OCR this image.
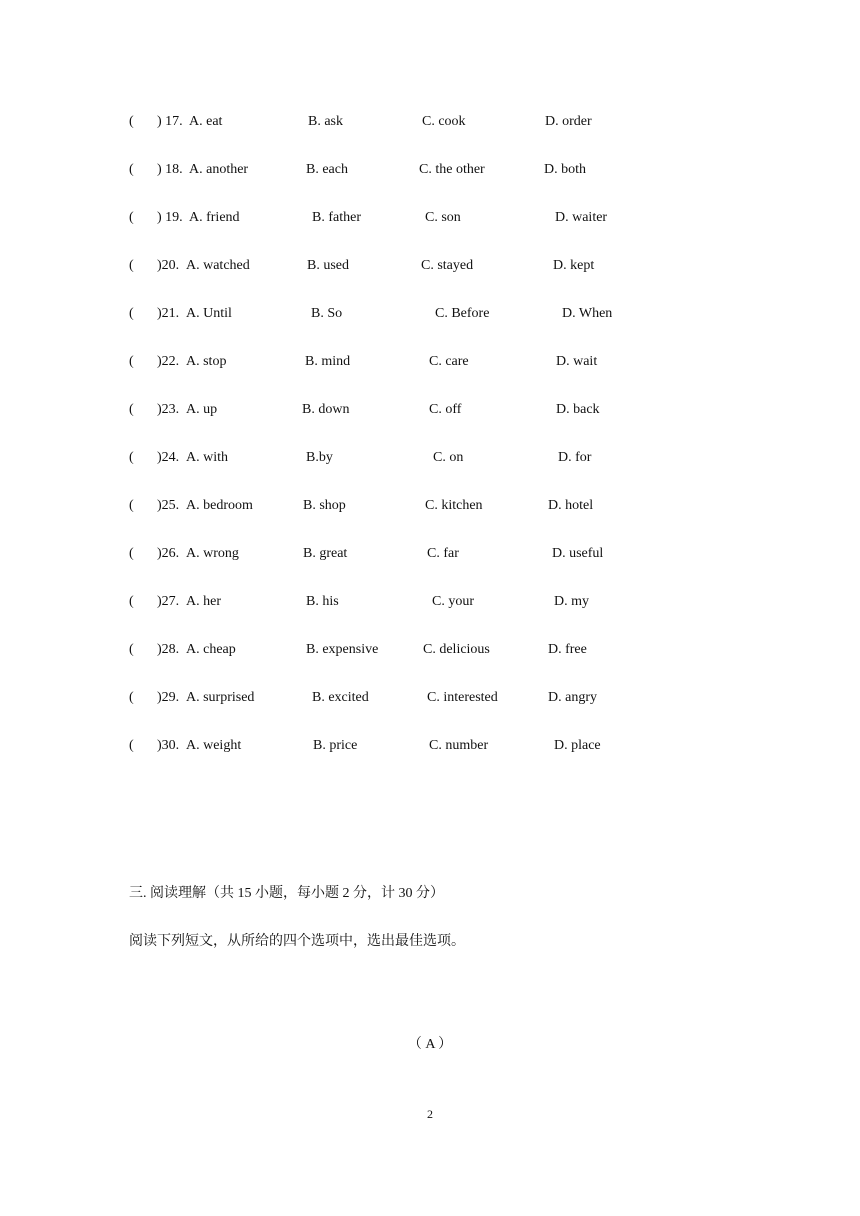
( ) 17. A. eat	B. ask	C. cook	D. order
( ) 18. A. another	B. each	C. the other	D. both
( ) 19. A. friend	B. father	C. son	D. waiter
( )20. A. watched	B. used	C. stayed	D. kept
( )21. A. Until	B. So	C. Before	D. When
( )22. A. stop	B. mind	C. care	D. wait
( )23. A. up	B. down	C. off	D. back
( )24. A. with	B.by	C. on	D. for
( )25. A. bedroom	B. shop	C. kitchen	D. hotel
( )26. A. wrong	B. great	C. far	D. useful
( )27. A. her	B. his	C. your	D. my
( )28. A. cheap	B. expensive	C. delicious	D. free
( )29. A. surprised	B. excited	C. interested	D. angry
( )30. A. weight	B. price	C. number	D. place
三. 阅读理解（共 15 小题，每小题 2 分，计 30 分）
阅读下列短文，从所给的四个选项中，选出最佳选项。
（ A ）
2
